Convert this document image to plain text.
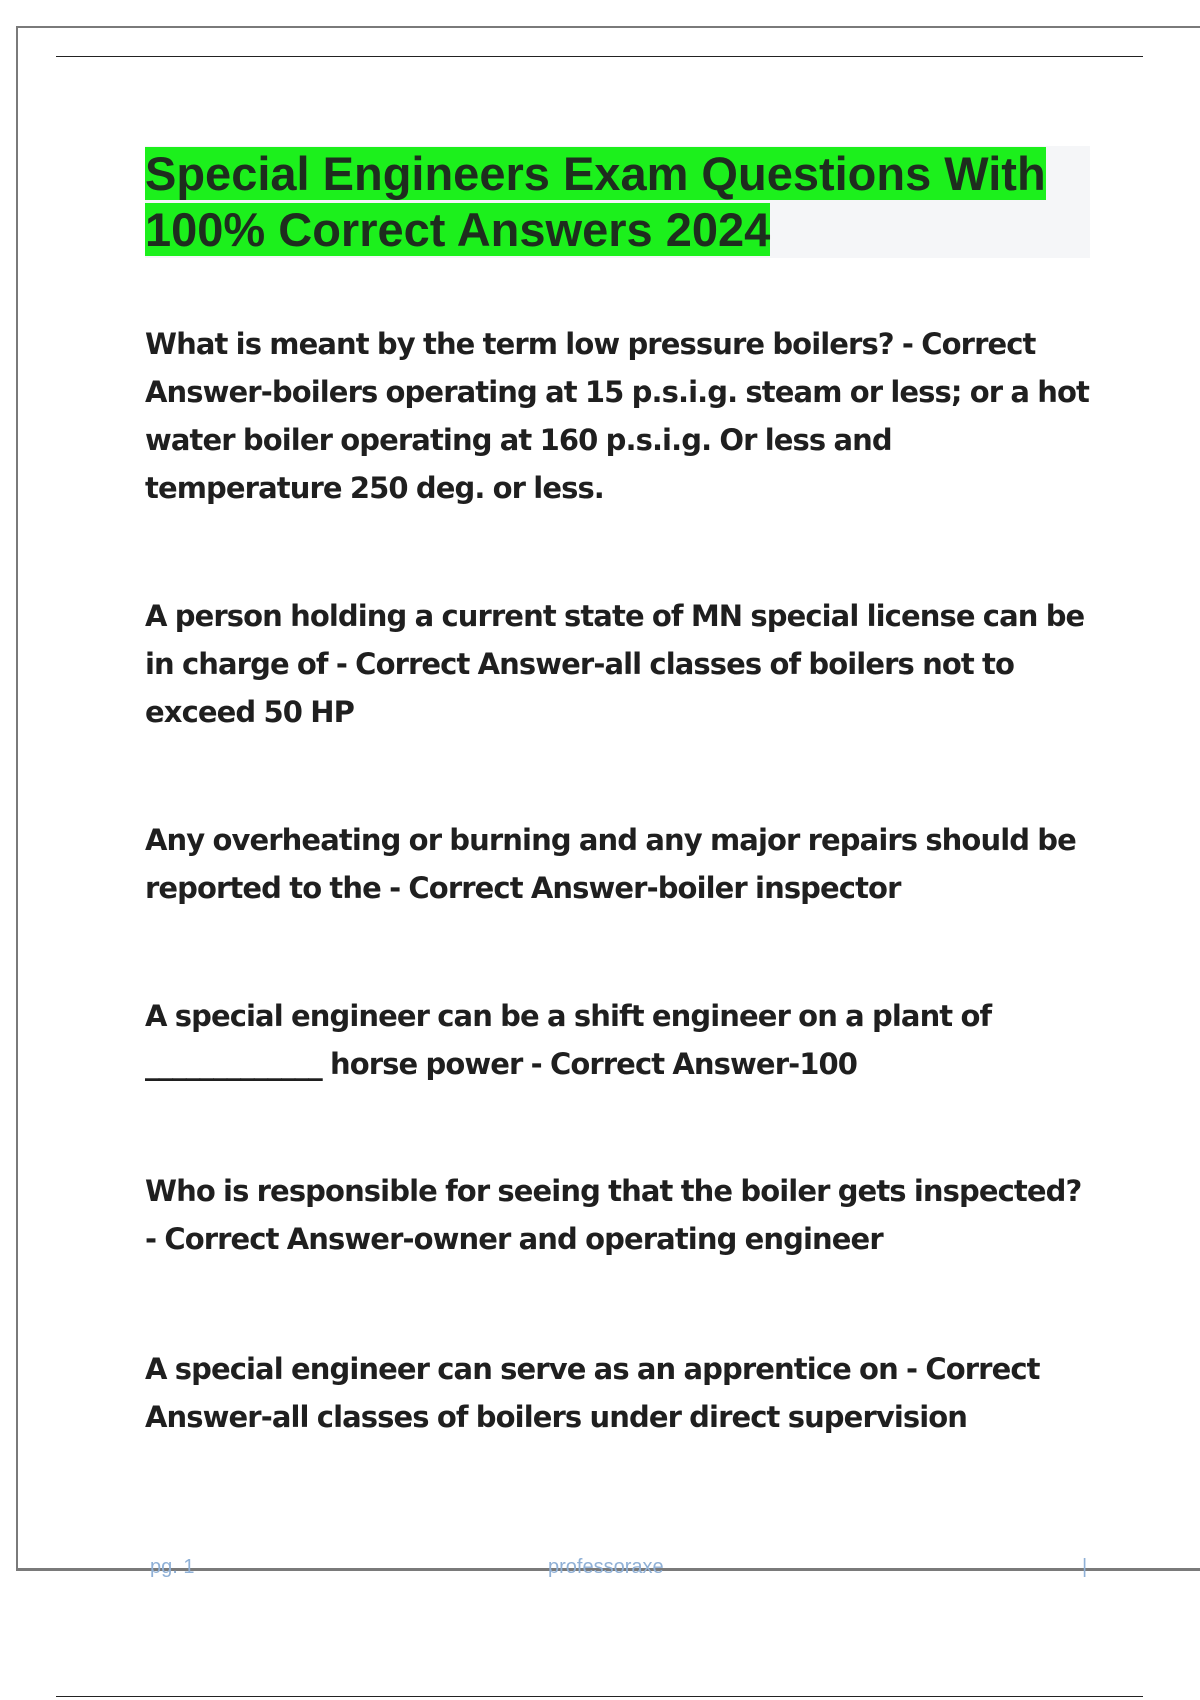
Special Engineers Exam Questions With 100% Correct Answers 2024

What is meant by the term low pressure boilers? - Correct Answer-boilers operating at 15 p.s.i.g. steam or less; or a hot water boiler operating at 160 p.s.i.g. Or less and temperature 250 deg. or less.

A person holding a current state of MN special license can be in charge of - Correct Answer-all classes of boilers not to exceed 50 HP

Any overheating or burning and any major repairs should be reported to the - Correct Answer-boiler inspector

A special engineer can be a shift engineer on a plant of _____________ horse power - Correct Answer-100

Who is responsible for seeing that the boiler gets inspected? - Correct Answer-owner and operating engineer

A special engineer can serve as an apprentice on - Correct Answer-all classes of boilers under direct supervision

pg. 1	professoraxe	|
